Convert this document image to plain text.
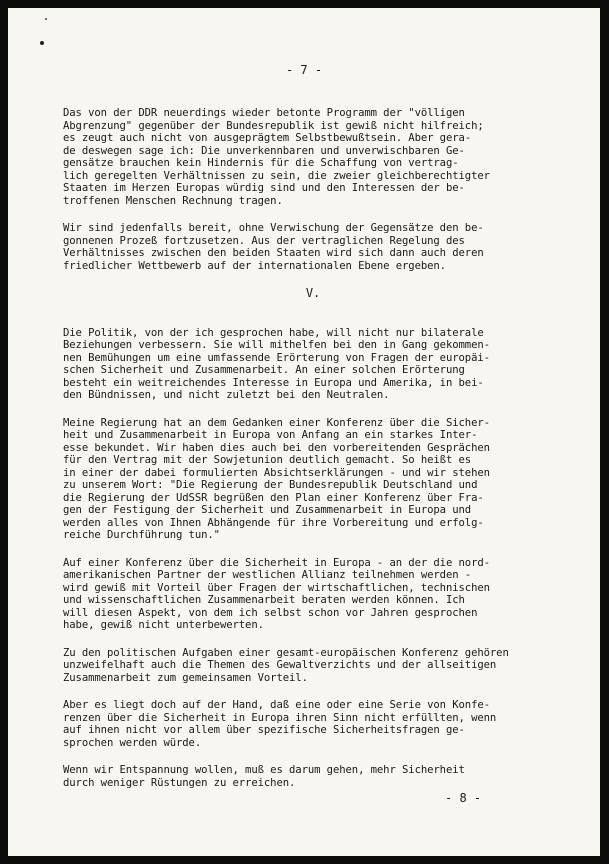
- 7 -

Das von der DDR neuerdings wieder betonte Programm der "völligen
Abgrenzung" gegenüber der Bundesrepublik ist gewiß nicht hilfreich;
es zeugt auch nicht von ausgeprägtem Selbstbewußtsein. Aber gera-
de deswegen sage ich: Die unverkennbaren und unverwischbaren Ge-
gensätze brauchen kein Hindernis für die Schaffung von vertrag-
lich geregelten Verhältnissen zu sein, die zweier gleichberechtigter
Staaten im Herzen Europas würdig sind und den Interessen der be-
troffenen Menschen Rechnung tragen.

Wir sind jedenfalls bereit, ohne Verwischung der Gegensätze den be-
gonnenen Prozeß fortzusetzen. Aus der vertraglichen Regelung des
Verhältnisses zwischen den beiden Staaten wird sich dann auch deren
friedlicher Wettbewerb auf der internationalen Ebene ergeben.

V.

Die Politik, von der ich gesprochen habe, will nicht nur bilaterale
Beziehungen verbessern. Sie will mithelfen bei den in Gang gekommen-
nen Bemühungen um eine umfassende Erörterung von Fragen der europäi-
schen Sicherheit und Zusammenarbeit. An einer solchen Erörterung
besteht ein weitreichendes Interesse in Europa und Amerika, in bei-
den Bündnissen, und nicht zuletzt bei den Neutralen.

Meine Regierung hat an dem Gedanken einer Konferenz über die Sicher-
heit und Zusammenarbeit in Europa von Anfang an ein starkes Inter-
esse bekundet. Wir haben dies auch bei den vorbereitenden Gesprächen
für den Vertrag mit der Sowjetunion deutlich gemacht. So heißt es
in einer der dabei formulierten Absichtserklärungen - und wir stehen
zu unserem Wort: "Die Regierung der Bundesrepublik Deutschland und
die Regierung der UdSSR begrüßen den Plan einer Konferenz über Fra-
gen der Festigung der Sicherheit und Zusammenarbeit in Europa und
werden alles von Ihnen Abhängende für ihre Vorbereitung und erfolg-
reiche Durchführung tun."

Auf einer Konferenz über die Sicherheit in Europa - an der die nord-
amerikanischen Partner der westlichen Allianz teilnehmen werden -
wird gewiß mit Vorteil über Fragen der wirtschaftlichen, technischen
und wissenschaftlichen Zusammenarbeit beraten werden können. Ich
will diesen Aspekt, von dem ich selbst schon vor Jahren gesprochen
habe, gewiß nicht unterbewerten.

Zu den politischen Aufgaben einer gesamt-europäischen Konferenz gehören
unzweifelhaft auch die Themen des Gewaltverzichts und der allseitigen
Zusammenarbeit zum gemeinsamen Vorteil.

Aber es liegt doch auf der Hand, daß eine oder eine Serie von Konfe-
renzen über die Sicherheit in Europa ihren Sinn nicht erfüllten, wenn
auf ihnen nicht vor allem über spezifische Sicherheitsfragen ge-
sprochen werden würde.

Wenn wir Entspannung wollen, muß es darum gehen, mehr Sicherheit
durch weniger Rüstungen zu erreichen.

- 8 -
